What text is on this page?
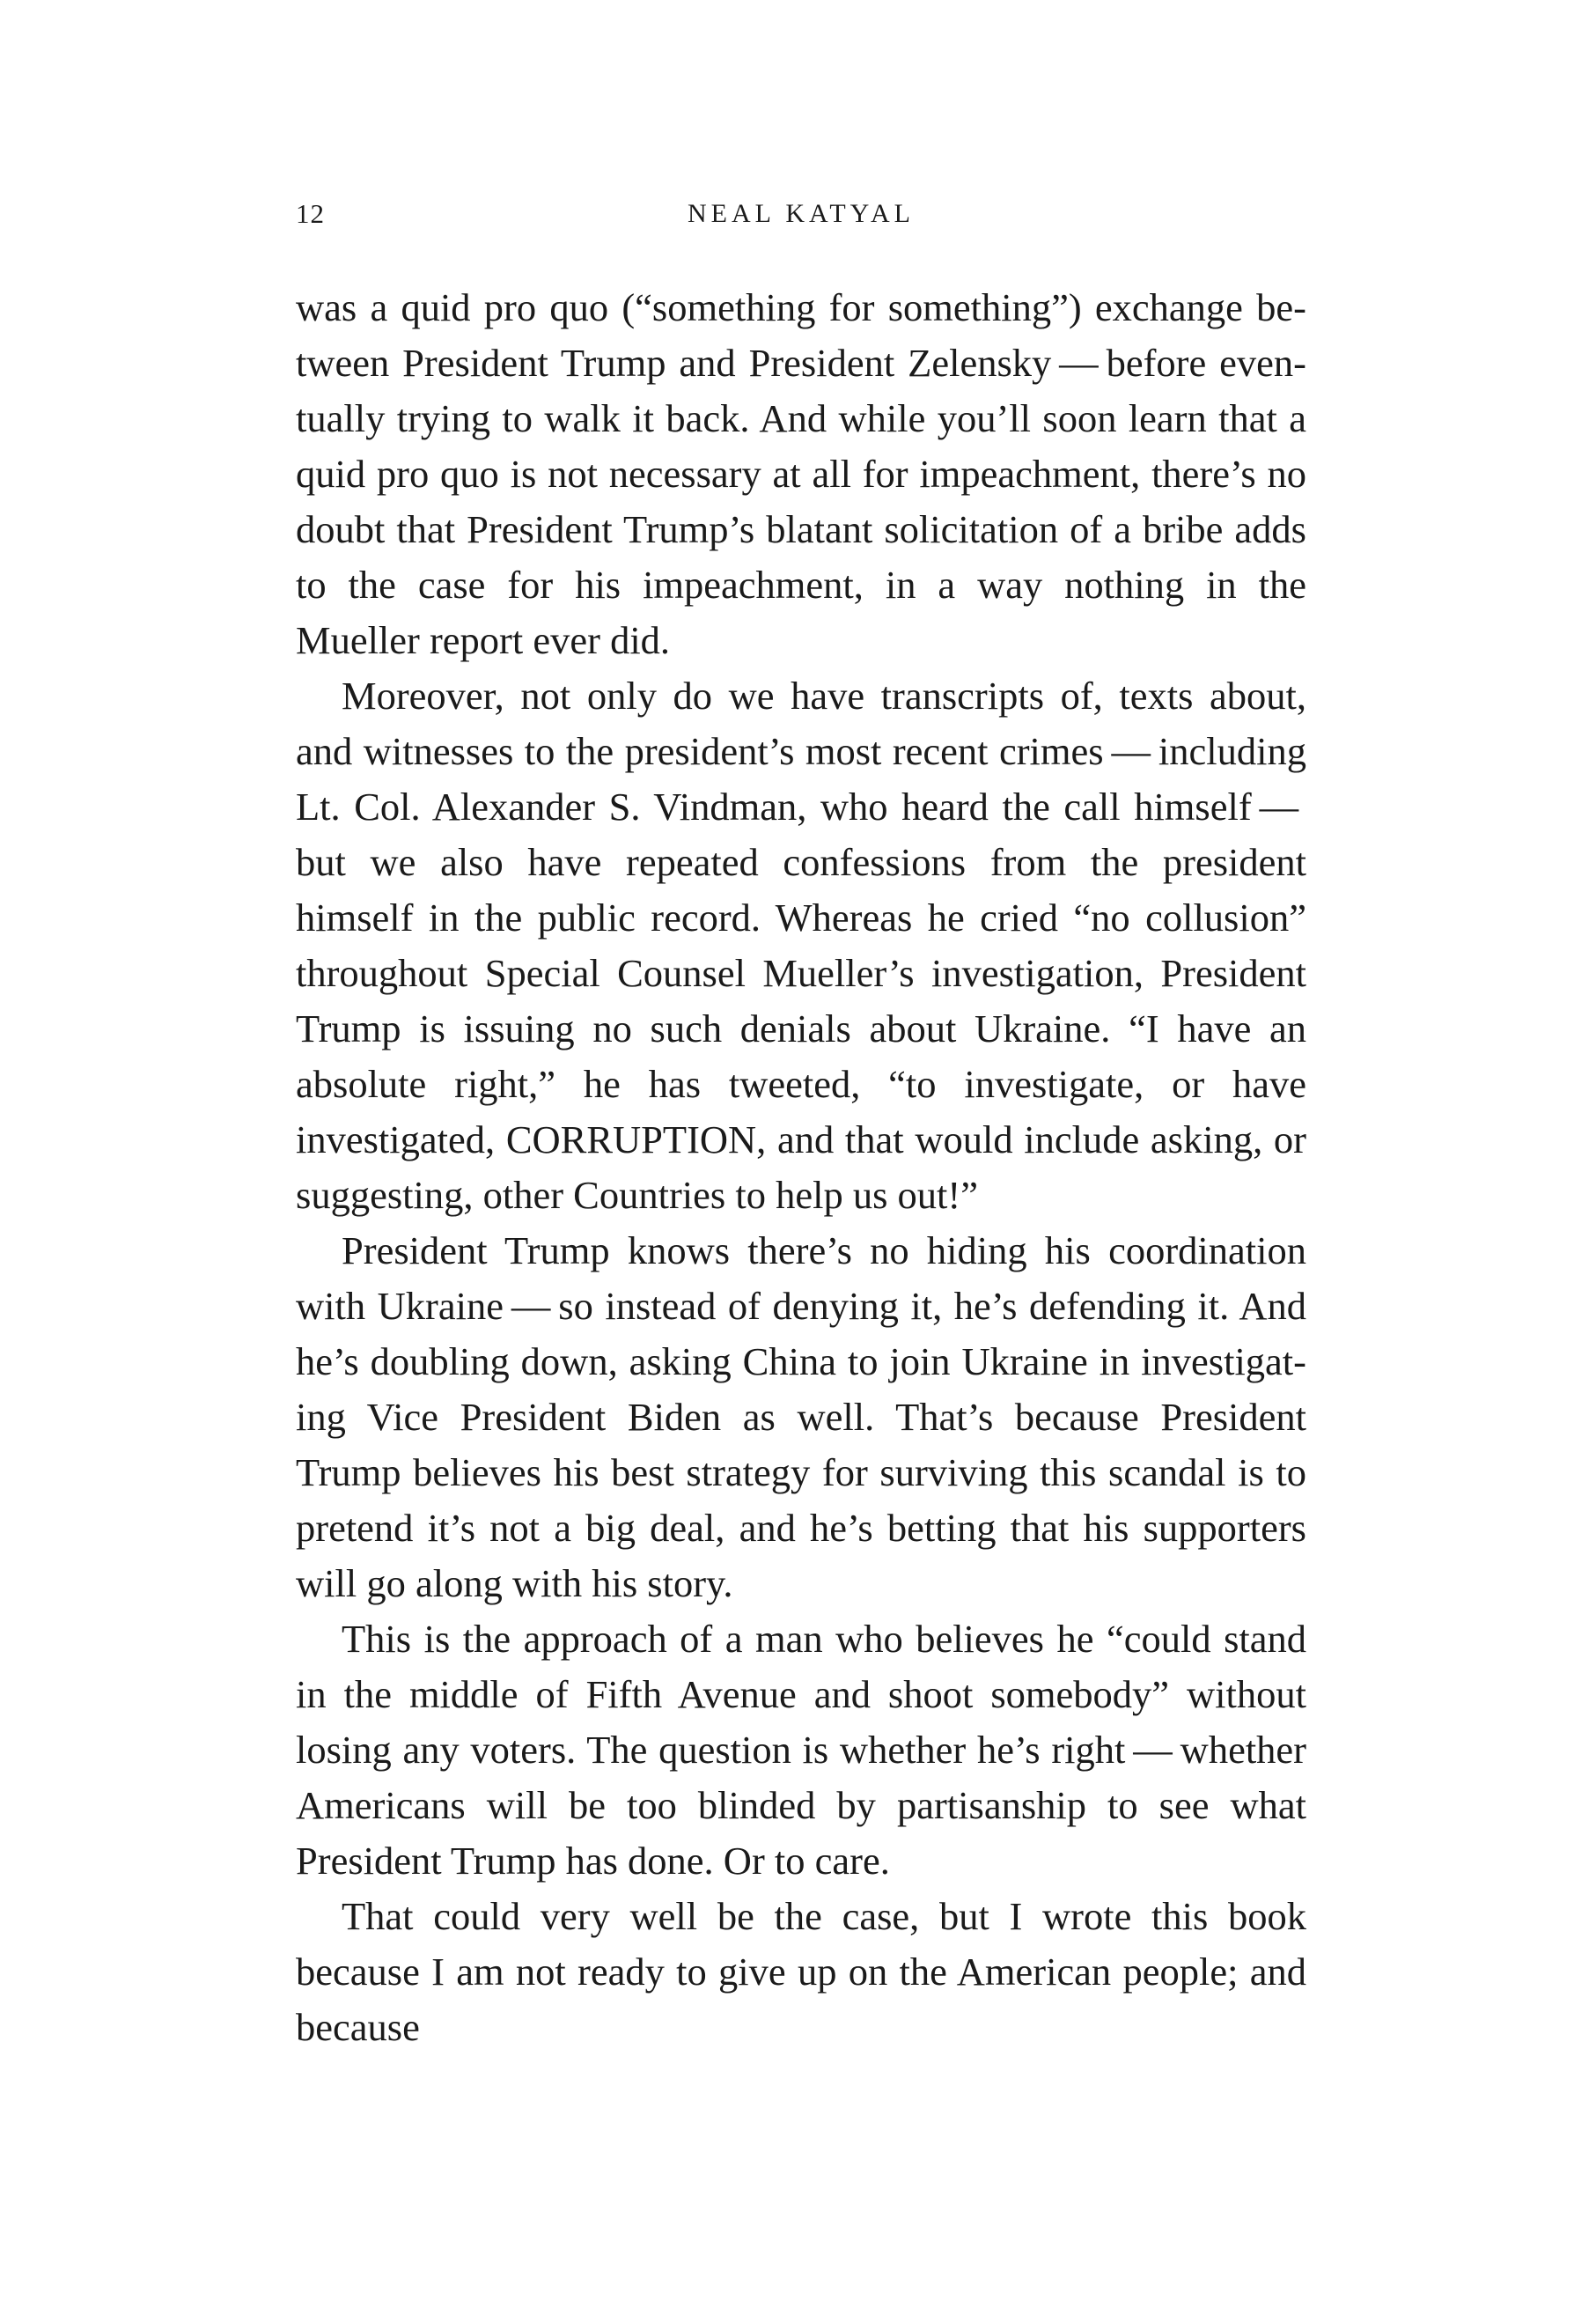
12	NEAL KATYAL

was a quid pro quo (“something for something”) exchange between President Trump and President Zelensky — before eventually trying to walk it back. And while you’ll soon learn that a quid pro quo is not necessary at all for impeachment, there’s no doubt that President Trump’s blatant solicitation of a bribe adds to the case for his impeachment, in a way nothing in the Mueller report ever did.

Moreover, not only do we have transcripts of, texts about, and witnesses to the president’s most recent crimes — including Lt. Col. Alexander S. Vindman, who heard the call himself — but we also have repeated confessions from the president himself in the public record. Whereas he cried “no collusion” throughout Special Counsel Mueller’s investigation, President Trump is issuing no such denials about Ukraine. “I have an absolute right,” he has tweeted, “to investigate, or have investigated, CORRUPTION, and that would include asking, or suggesting, other Countries to help us out!”

President Trump knows there’s no hiding his coordination with Ukraine — so instead of denying it, he’s defending it. And he’s doubling down, asking China to join Ukraine in investigating Vice President Biden as well. That’s because President Trump believes his best strategy for surviving this scandal is to pretend it’s not a big deal, and he’s betting that his supporters will go along with his story.

This is the approach of a man who believes he “could stand in the middle of Fifth Avenue and shoot somebody” without losing any voters. The question is whether he’s right — whether Americans will be too blinded by partisanship to see what President Trump has done. Or to care.

That could very well be the case, but I wrote this book because I am not ready to give up on the American people; and because
